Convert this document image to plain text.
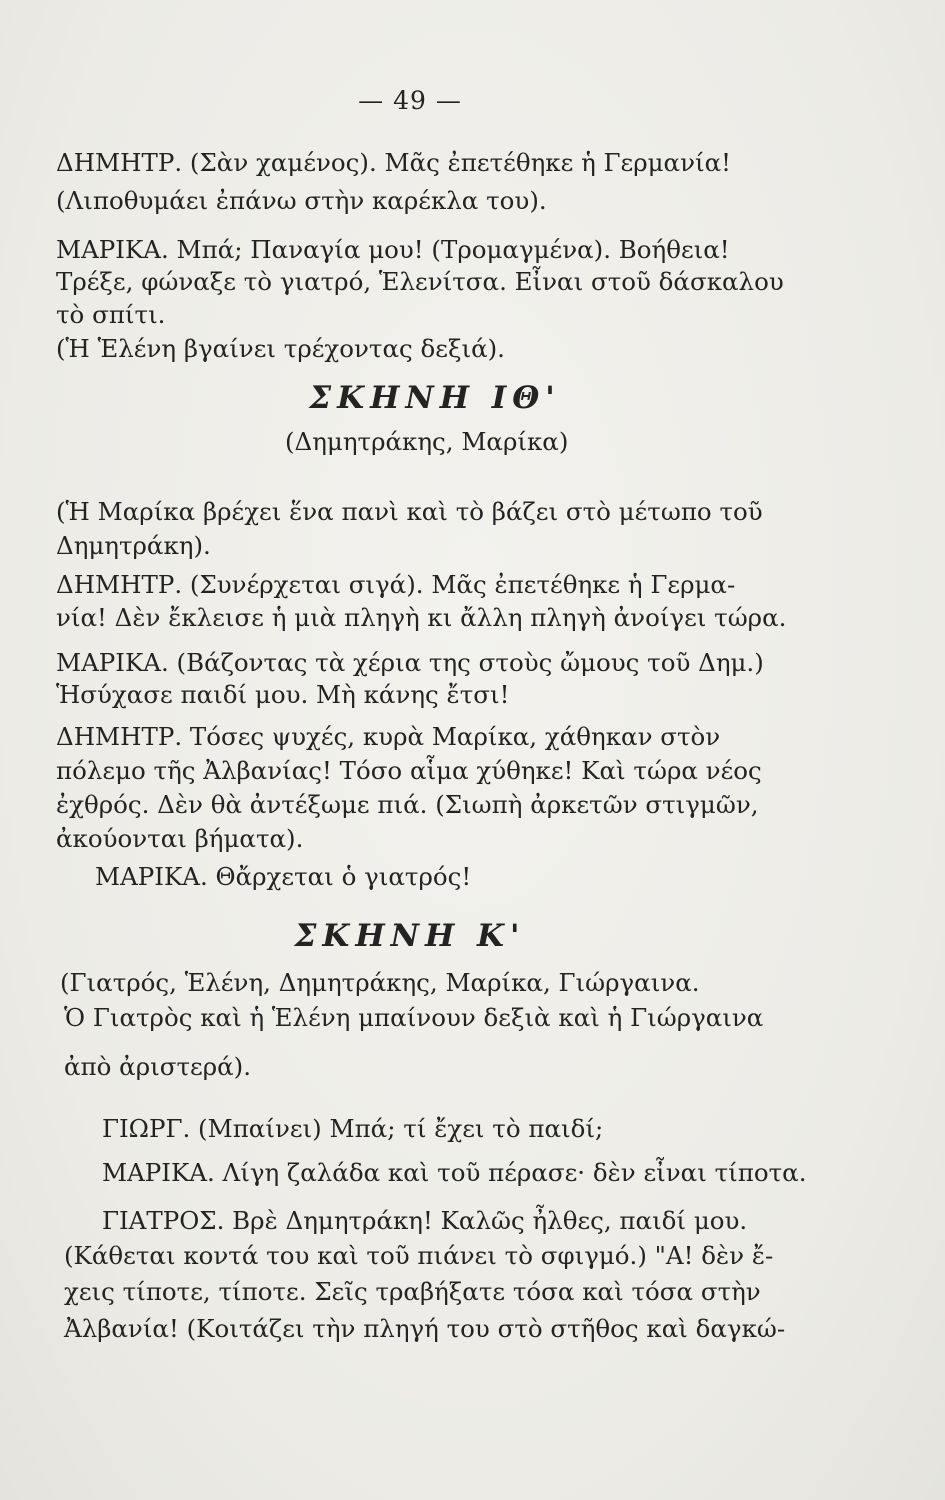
— 49 —
ΔΗΜΗΤΡ. (Σὰν χαμένος). Μᾶς ἐπετέθηκε ἡ Γερμανία!
(Λιποθυμάει ἐπάνω στὴν καρέκλα του).
ΜΑΡΙΚΑ. Μπά; Παναγία μου! (Τρομαγμένα). Βοήθεια!
Τρέξε, φώναξε τὸ γιατρό, Ἑλενίτσα. Εἶναι στοῦ δάσκαλου
τὸ σπίτι.
(Ἡ Ἑλένη βγαίνει τρέχοντας δεξιά).
ΣΚΗΝΗ ΙΘ'
(Δημητράκης, Μαρίκα)
(Ἡ Μαρίκα βρέχει ἕνα πανὶ καὶ τὸ βάζει στὸ μέτωπο τοῦ
Δημητράκη).
ΔΗΜΗΤΡ. (Συνέρχεται σιγά). Μᾶς ἐπετέθηκε ἡ Γερμα-
νία! Δὲν ἔκλεισε ἡ μιὰ πληγὴ κι ἄλλη πληγὴ ἀνοίγει τώρα.
ΜΑΡΙΚΑ. (Βάζοντας τὰ χέρια της στοὺς ὤμους τοῦ Δημ.)
Ἡσύχασε παιδί μου. Μὴ κάνης ἔτσι!
ΔΗΜΗΤΡ. Τόσες ψυχές, κυρὰ Μαρίκα, χάθηκαν στὸν
πόλεμο τῆς Ἀλβανίας! Τόσο αἷμα χύθηκε! Καὶ τώρα νέος
ἐχθρός. Δὲν θὰ ἀντέξωμε πιά. (Σιωπὴ ἀρκετῶν στιγμῶν,
ἀκούονται βήματα).
ΜΑΡΙΚΑ. Θἄρχεται ὁ γιατρός!
ΣΚΗΝΗ Κ'
(Γιατρός, Ἑλένη, Δημητράκης, Μαρίκα, Γιώργαινα.
Ὁ Γιατρὸς καὶ ἡ Ἑλένη μπαίνουν δεξιὰ καὶ ἡ Γιώργαινα
ἀπὸ ἀριστερά).
ΓΙΩΡΓ. (Μπαίνει) Μπά; τί ἔχει τὸ παιδί;
ΜΑΡΙΚΑ. Λίγη ζαλάδα καὶ τοῦ πέρασε· δὲν εἶναι τίποτα.
ΓΙΑΤΡΟΣ. Βρὲ Δημητράκη! Καλῶς ἦλθες, παιδί μου.
(Κάθεται κοντά του καὶ τοῦ πιάνει τὸ σφιγμό.) "Α! δὲν ἔ-
χεις τίποτε, τίποτε. Σεῖς τραβήξατε τόσα καὶ τόσα στὴν
Ἀλβανία! (Κοιτάζει τὴν πληγή του στὸ στῆθος καὶ δαγκώ-
